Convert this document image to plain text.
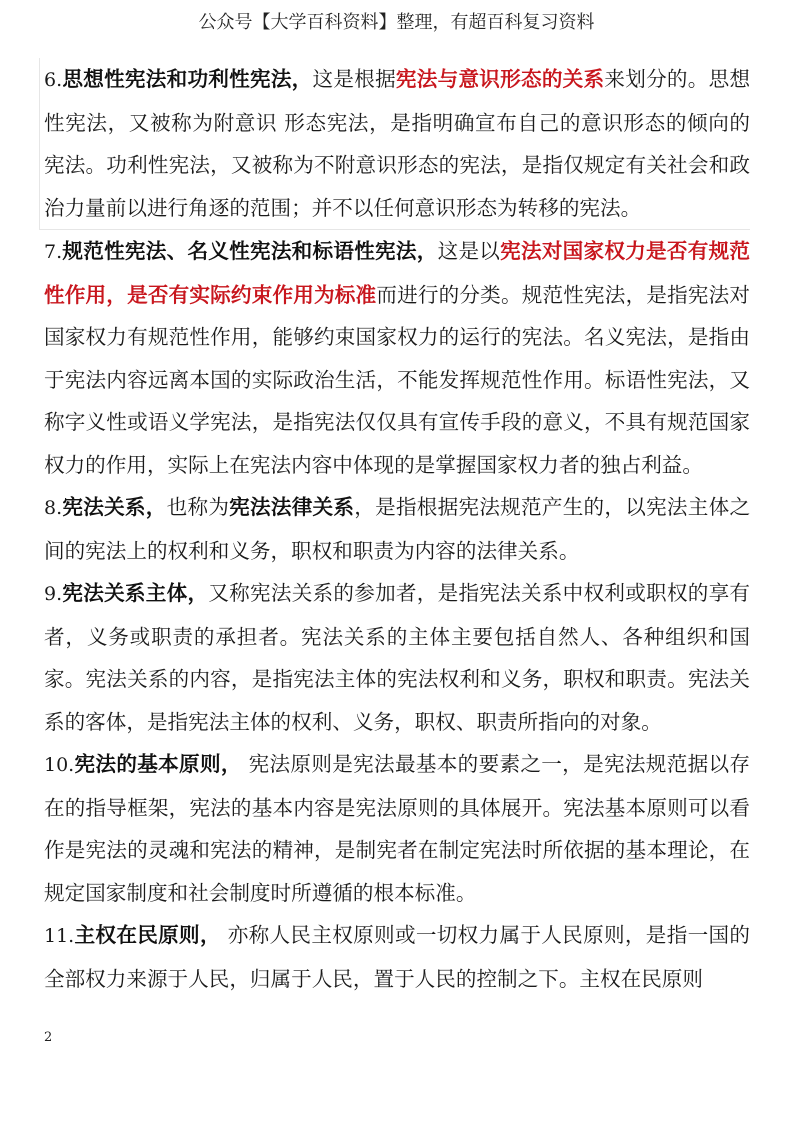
公众号【大学百科资料】整理，有超百科复习资料

6.思想性宪法和功利性宪法，这是根据宪法与意识形态的关系来划分的。思想性宪法，又被称为附意识 形态宪法，是指明确宣布自己的意识形态的倾向的宪法。功利性宪法，又被称为不附意识形态的宪法，是指仅规定有关社会和政治力量前以进行角逐的范围；并不以任何意识形态为转移的宪法。

7.规范性宪法、名义性宪法和标语性宪法，这是以宪法对国家权力是否有规范性作用，是否有实际约束作用为标准而进行的分类。规范性宪法，是指宪法对国家权力有规范性作用，能够约束国家权力的运行的宪法。名义宪法，是指由于宪法内容远离本国的实际政治生活，不能发挥规范性作用。标语性宪法，又称字义性或语义学宪法，是指宪法仅仅具有宣传手段的意义，不具有规范国家权力的作用，实际上在宪法内容中体现的是掌握国家权力者的独占利益。

8.宪法关系，也称为宪法法律关系，是指根据宪法规范产生的，以宪法主体之间的宪法上的权利和义务，职权和职责为内容的法律关系。

9.宪法关系主体，又称宪法关系的参加者，是指宪法关系中权利或职权的享有者，义务或职责的承担者。宪法关系的主体主要包括自然人、各种组织和国家。宪法关系的内容，是指宪法主体的宪法权利和义务，职权和职责。宪法关系的客体，是指宪法主体的权利、义务，职权、职责所指向的对象。

10.宪法的基本原则， 宪法原则是宪法最基本的要素之一，是宪法规范据以存在的指导框架，宪法的基本内容是宪法原则的具体展开。宪法基本原则可以看作是宪法的灵魂和宪法的精神，是制宪者在制定宪法时所依据的基本理论，在规定国家制度和社会制度时所遵循的根本标准。

11.主权在民原则， 亦称人民主权原则或一切权力属于人民原则，是指一国的全部权力来源于人民，归属于人民，置于人民的控制之下。主权在民原则

2
